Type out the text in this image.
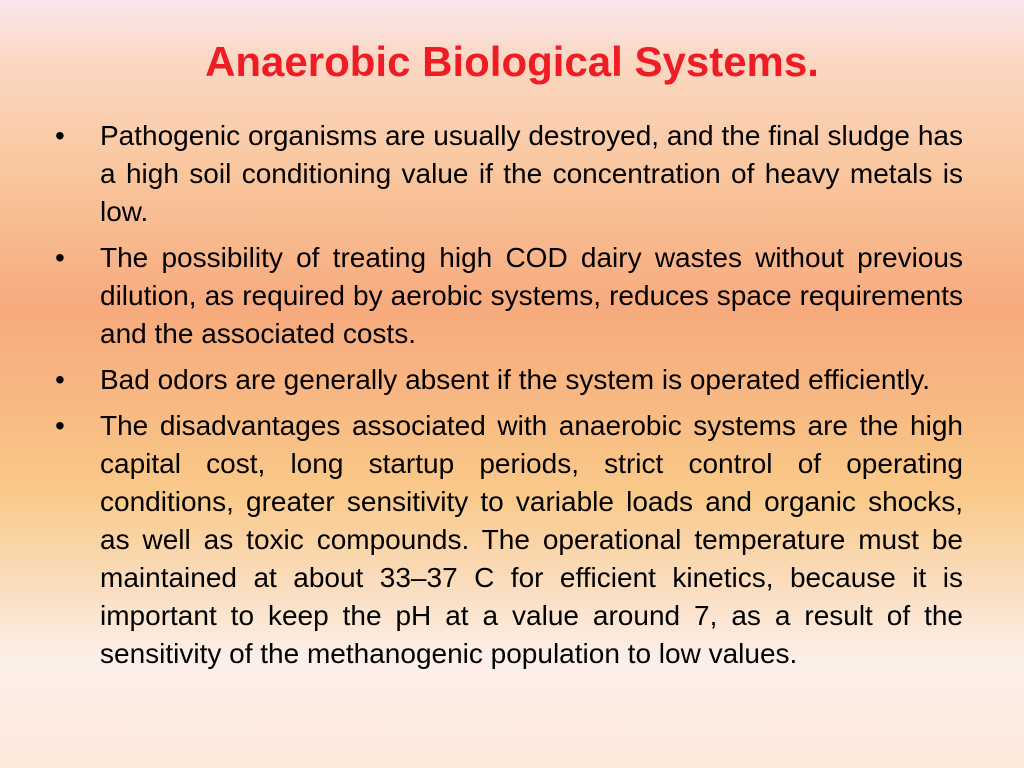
Anaerobic Biological Systems.
•	Pathogenic organisms are usually destroyed, and the final sludge has a high soil conditioning value if the concentration of heavy metals is low.
•	The possibility of treating high COD dairy wastes without previous dilution, as required by aerobic systems, reduces space requirements and the associated costs.
•	Bad odors are generally absent if the system is operated efficiently.
•	The disadvantages associated with anaerobic systems are the high capital cost, long startup periods, strict control of operating conditions, greater sensitivity to variable loads and organic shocks, as well as toxic compounds. The operational temperature must be maintained at about 33–37 C for efficient kinetics, because it is important to keep the pH at a value around 7, as a result of the sensitivity of the methanogenic population to low values.
